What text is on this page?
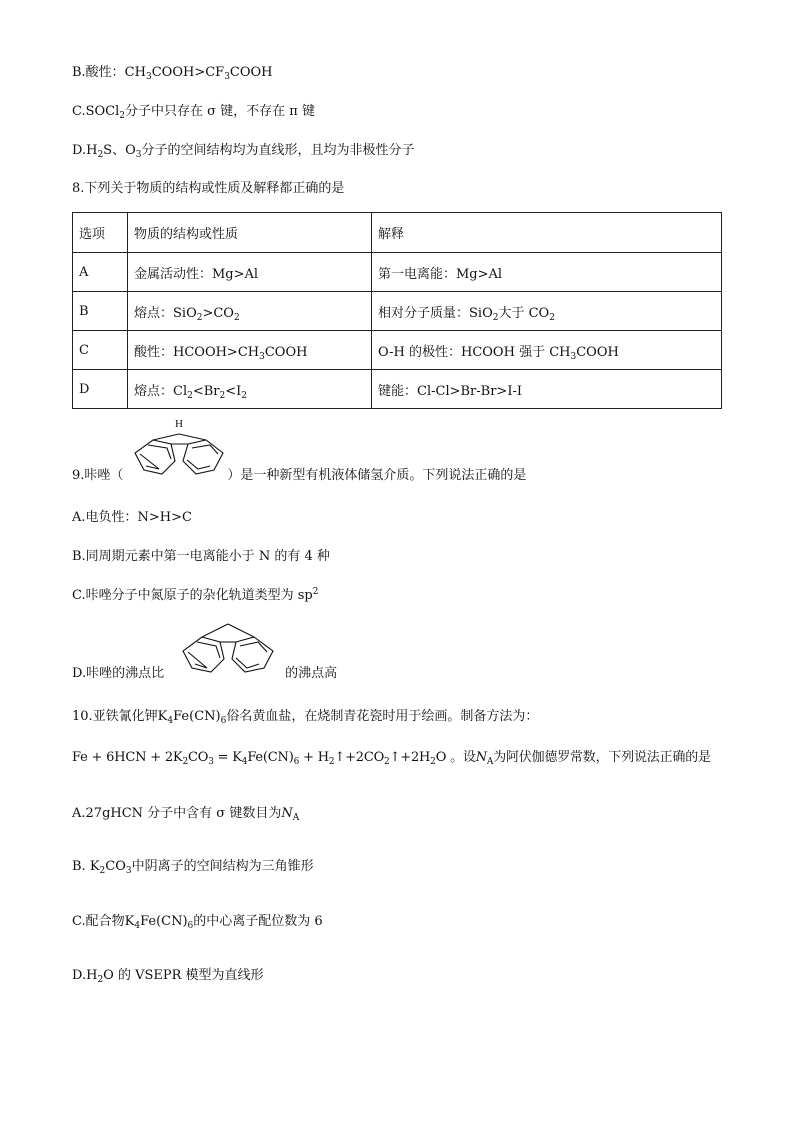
B.酸性：$CH_3COOH>CF_3COOH$
C.SOCl$_2$分子中只存在 σ 键，不存在 π 键
$D.H_2S$、$O_3$分子的空间结构均为直线形，且均为非极性分子
8.下列关于物质的结构或性质及解释都正确的是
选项	物质的结构或性质	解释
A	金属活动性：Mg>Al	第一电离能：Mg>Al
B	熔点：$SiO_2>CO_2$	相对分子质量：SiO$_2$大于 $CO_2$
C	酸性：$HCOOH>CH_3COOH$	O-H 的极性：HCOOH 强于 $CH_3COOH$
D	熔点：$Cl_2<Br_2<I_2$	键能：Cl-Cl>Br-Br>I-I
H
9.咔唑（	）是一种新型有机液体储氢介质。下列说法正确的是
A.电负性：N>H>C
B.同周期元素中第一电离能小于 N 的有 4 种
C.咔唑分子中氮原子的杂化轨道类型为 $sp^2$
D.咔唑的沸点比	的沸点高
10.亚铁氰化钾$K_4Fe(CN)_6$俗名黄血盐，在烧制青花瓷时用于绘画。制备方法为：
$Fe + 6HCN + 2K_2CO_3 = K_4Fe(CN)_6$ + $H_2↑+2CO_2↑+2H_2O$ 。设$N_A$为阿伏伽德罗常数，下列说法正确的是
A.27gHCN 分子中含有 σ 键数目为$N_A$
B. $K_2CO_3$中阴离子的空间结构为三角锥形
C.配合物$K_4Fe(CN)_6$的中心离子配位数为 6
$D.H_2O$ 的 VSEPR 模型为直线形
